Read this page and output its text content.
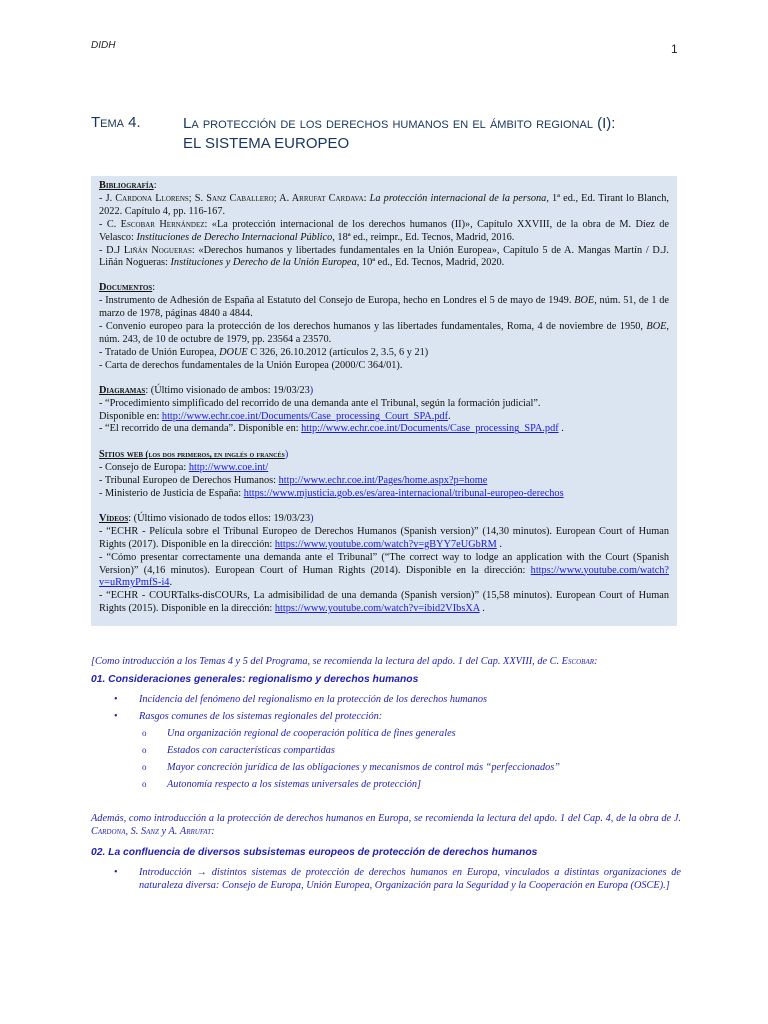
DIDH	1
Tema 4.	La protección de los derechos humanos en el ámbito regional (I):
EL SISTEMA EUROPEO

Bibliografía:

- J. Cardona Llorens; S. Sanz Caballero; A. Arrufat Cardava: La protección internacional de la persona, 1ª ed., Ed. Tirant lo Blanch, 2022. Capítulo 4, pp. 116-167.

- C. Escobar Hernández: «La protección internacional de los derechos humanos (II)», Capítulo XXVIII, de la obra de M. Díez de Velasco: Instituciones de Derecho Internacional Público, 18ª ed., reimpr., Ed. Tecnos, Madrid, 2016.

- D.J Liñán Nogueras: «Derechos humanos y libertades fundamentales en la Unión Europea», Capítulo 5 de A. Mangas Martín / D.J. Liñán Nogueras: Instituciones y Derecho de la Unión Europea, 10ª ed., Ed. Tecnos, Madrid, 2020.

Documentos:

- Instrumento de Adhesión de España al Estatuto del Consejo de Europa, hecho en Londres el 5 de mayo de 1949. BOE, núm. 51, de 1 de marzo de 1978, páginas 4840 a 4844.

- Convenio europeo para la protección de los derechos humanos y las libertades fundamentales, Roma, 4 de noviembre de 1950, BOE, núm. 243, de 10 de octubre de 1979, pp. 23564 a 23570.

- Tratado de Unión Europea, DOUE C 326, 26.10.2012 (artículos 2, 3.5, 6 y 21)

- Carta de derechos fundamentales de la Unión Europea (2000/C 364/01).

Diagramas: (Último visionado de ambos: 19/03/23)

- “Procedimiento simplificado del recorrido de una demanda ante el Tribunal, según la formación judicial”.
Disponible en: http://www.echr.coe.int/Documents/Case_processing_Court_SPA.pdf.

- “El recorrido de una demanda”. Disponible en: http://www.echr.coe.int/Documents/Case_processing_SPA.pdf .

Sitios web (los dos primeros, en inglés o francés)

- Consejo de Europa: http://www.coe.int/

- Tribunal Europeo de Derechos Humanos: http://www.echr.coe.int/Pages/home.aspx?p=home

- Ministerio de Justicia de España: https://www.mjusticia.gob.es/es/area-internacional/tribunal-europeo-derechos

Vídeos: (Último visionado de todos ellos: 19/03/23)

- “ECHR - Película sobre el Tribunal Europeo de Derechos Humanos (Spanish version)” (14,30 minutos). European Court of Human Rights (2017). Disponible en la dirección: https://www.youtube.com/watch?v=gBYY7eUGbRM .

- “Cómo presentar correctamente una demanda ante el Tribunal” (“The correct way to lodge an application with the Court (Spanish Version)” (4,16 minutos). European Court of Human Rights (2014). Disponible en la dirección: https://www.youtube.com/watch?v=uRmyPmfS-i4.

- “ECHR - COURTalks-disCOURs, La admisibilidad de una demanda (Spanish version)” (15,58 minutos). European Court of Human Rights (2015). Disponible en la dirección: https://www.youtube.com/watch?v=ibid2VIbsXA .

[Como introducción a los Temas 4 y 5 del Programa, se recomienda la lectura del apdo. 1 del Cap. XXVIII, de C. Escobar:
01. Consideraciones generales: regionalismo y derechos humanos
• Incidencia del fenómeno del regionalismo en la protección de los derechos humanos
• Rasgos comunes de los sistemas regionales del protección:
o Una organización regional de cooperación política de fines generales
o Estados con características compartidas
o Mayor concreción jurídica de las obligaciones y mecanismos de control más “perfeccionados”
o Autonomía respecto a los sistemas universales de protección]
Además, como introducción a la protección de derechos humanos en Europa, se recomienda la lectura del apdo. 1 del Cap. 4, de la obra de J. Cardona, S. Sanz y A. Arrufat:
02. La confluencia de diversos subsistemas europeos de protección de derechos humanos
• Introducción → distintos sistemas de protección de derechos humanos en Europa, vinculados a distintas organizaciones de naturaleza diversa: Consejo de Europa, Unión Europea, Organización para la Seguridad y la Cooperación en Europa (OSCE).]
